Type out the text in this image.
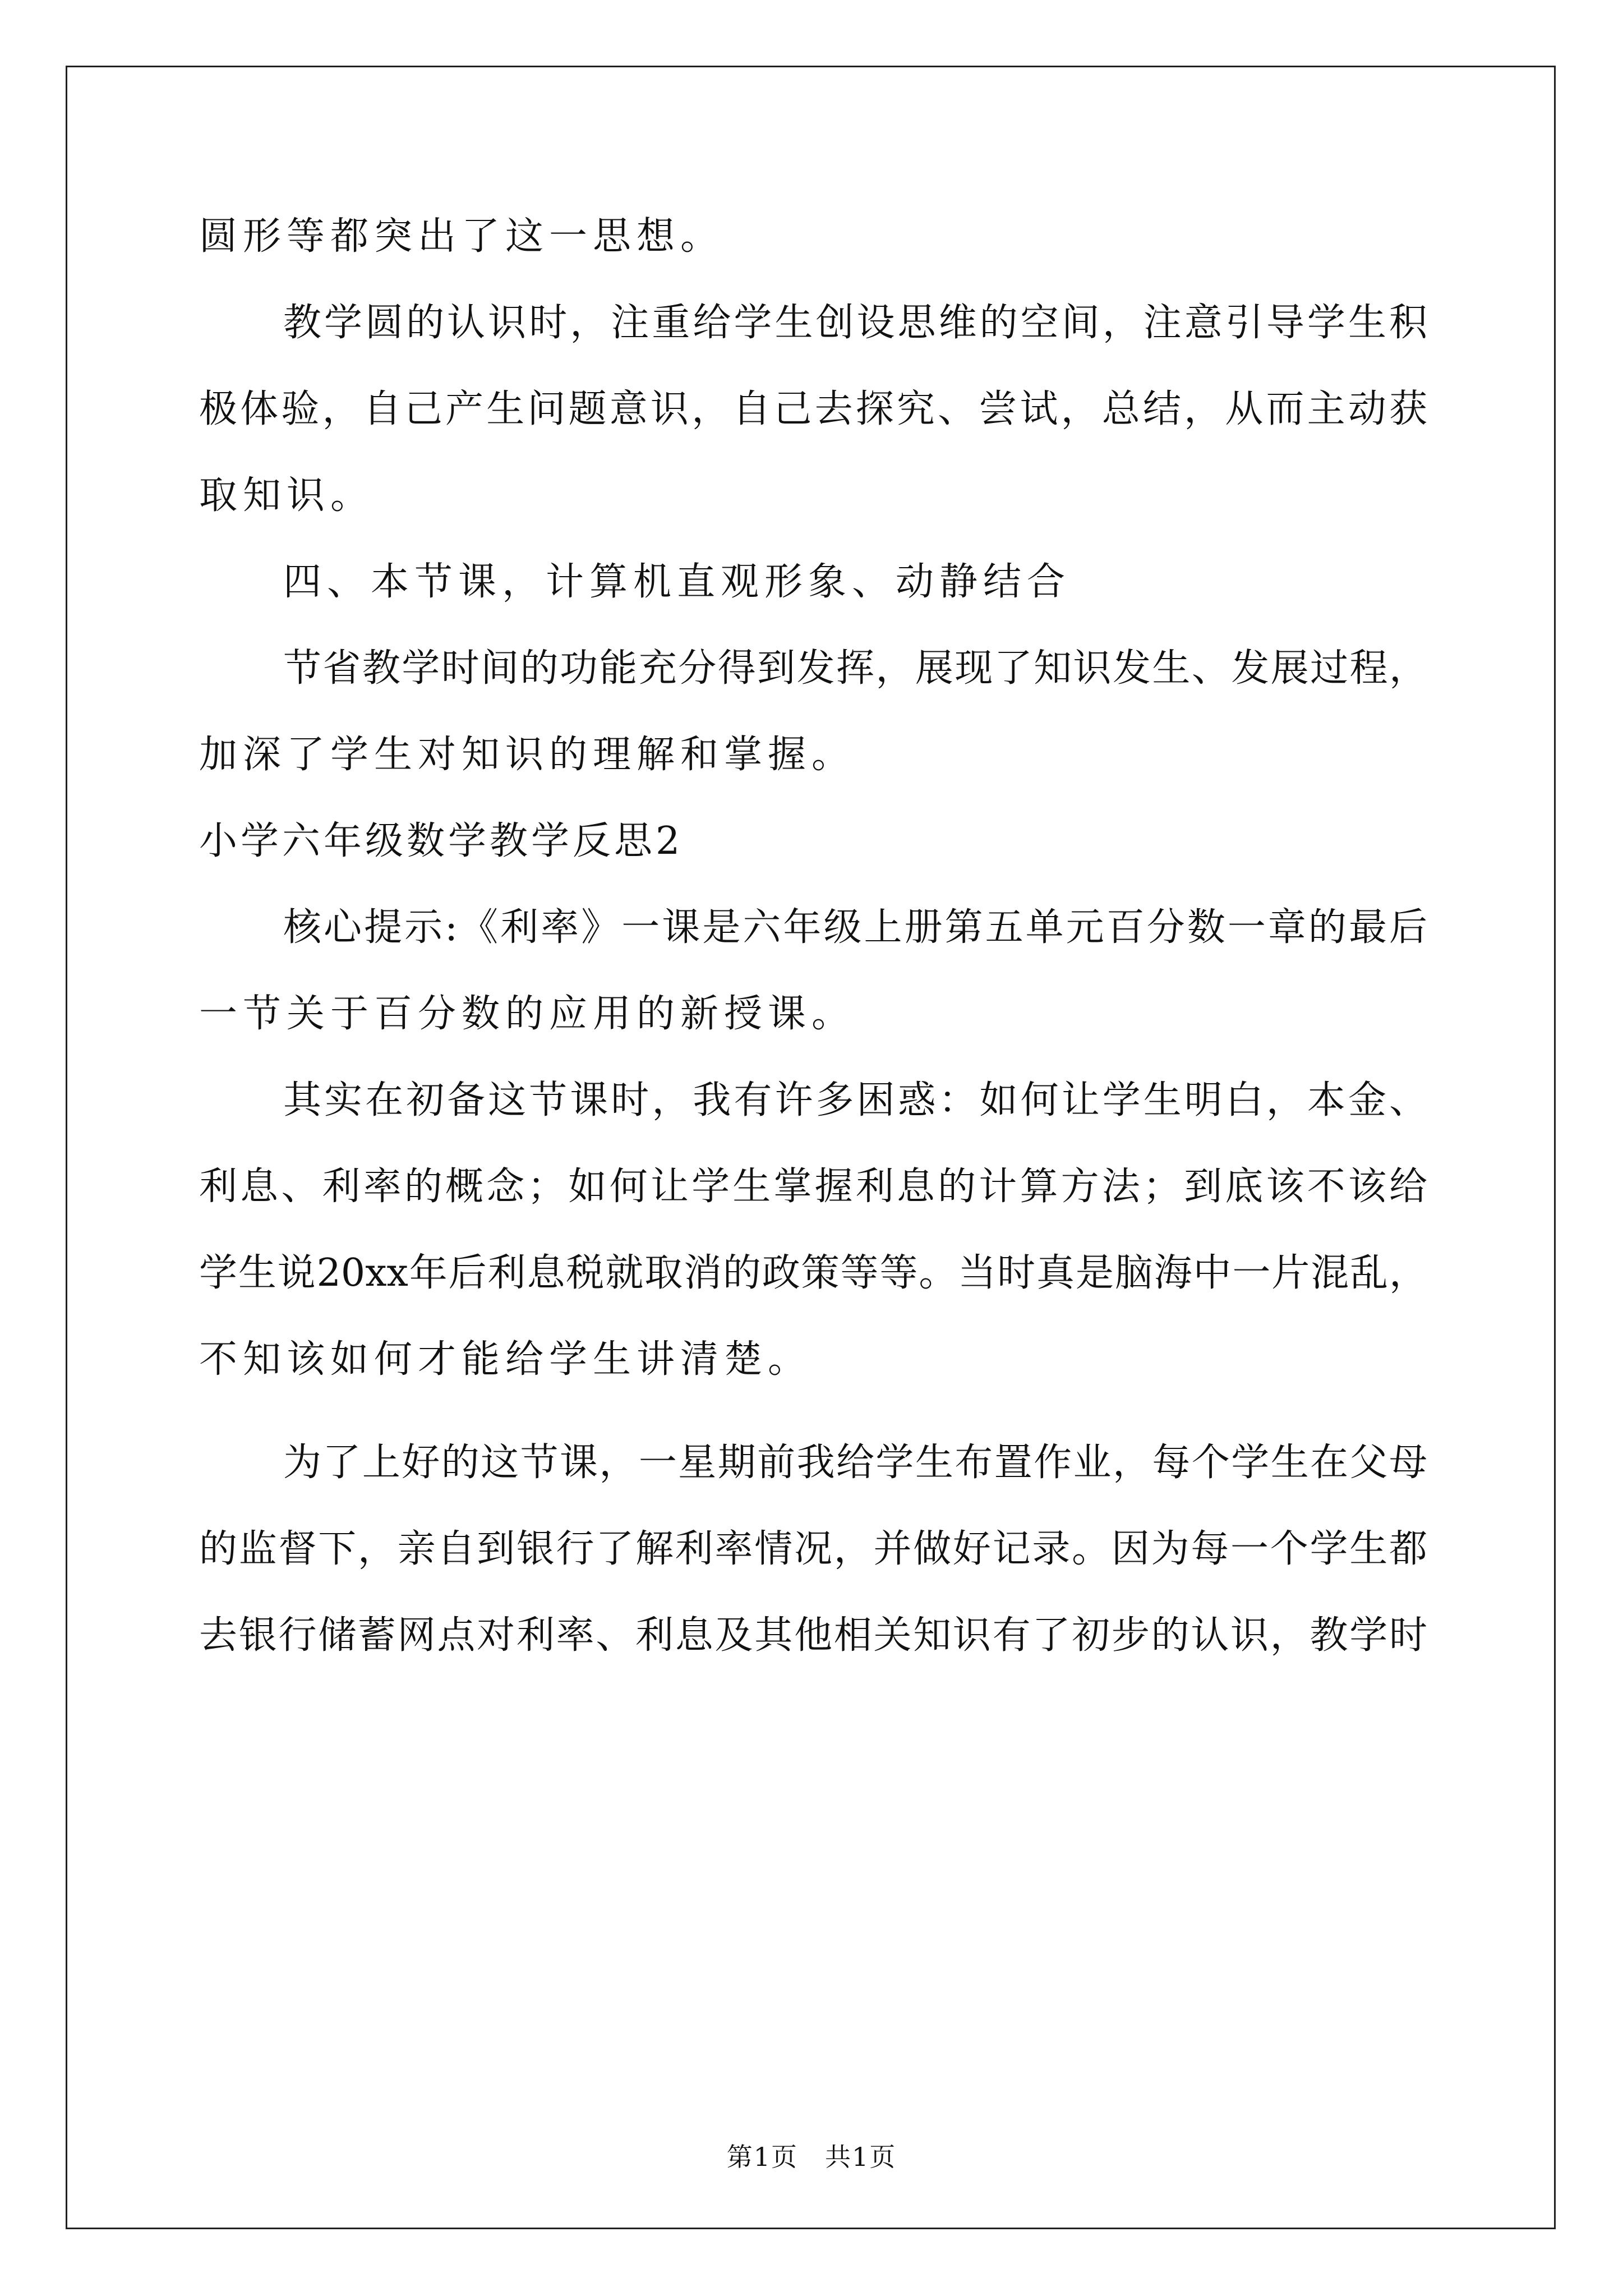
圆形等都突出了这一思想。
教学圆的认识时，注重给学生创设思维的空间，注意引导学生积
极体验，自己产生问题意识，自己去探究、尝试，总结，从而主动获
取知识。
四、本节课，计算机直观形象、动静结合
节省教学时间的功能充分得到发挥，展现了知识发生、发展过程，
加深了学生对知识的理解和掌握。
小学六年级数学教学反思2
核心提示:《利率》一课是六年级上册第五单元百分数一章的最后
一节关于百分数的应用的新授课。
其实在初备这节课时，我有许多困惑：如何让学生明白，本金、
利息、利率的概念；如何让学生掌握利息的计算方法；到底该不该给
学生说20xx年后利息税就取消的政策等等。当时真是脑海中一片混乱，
不知该如何才能给学生讲清楚。
为了上好的这节课，一星期前我给学生布置作业，每个学生在父母
的监督下，亲自到银行了解利率情况，并做好记录。因为每一个学生都
去银行储蓄网点对利率、利息及其他相关知识有了初步的认识，教学时
第1页　共1页
